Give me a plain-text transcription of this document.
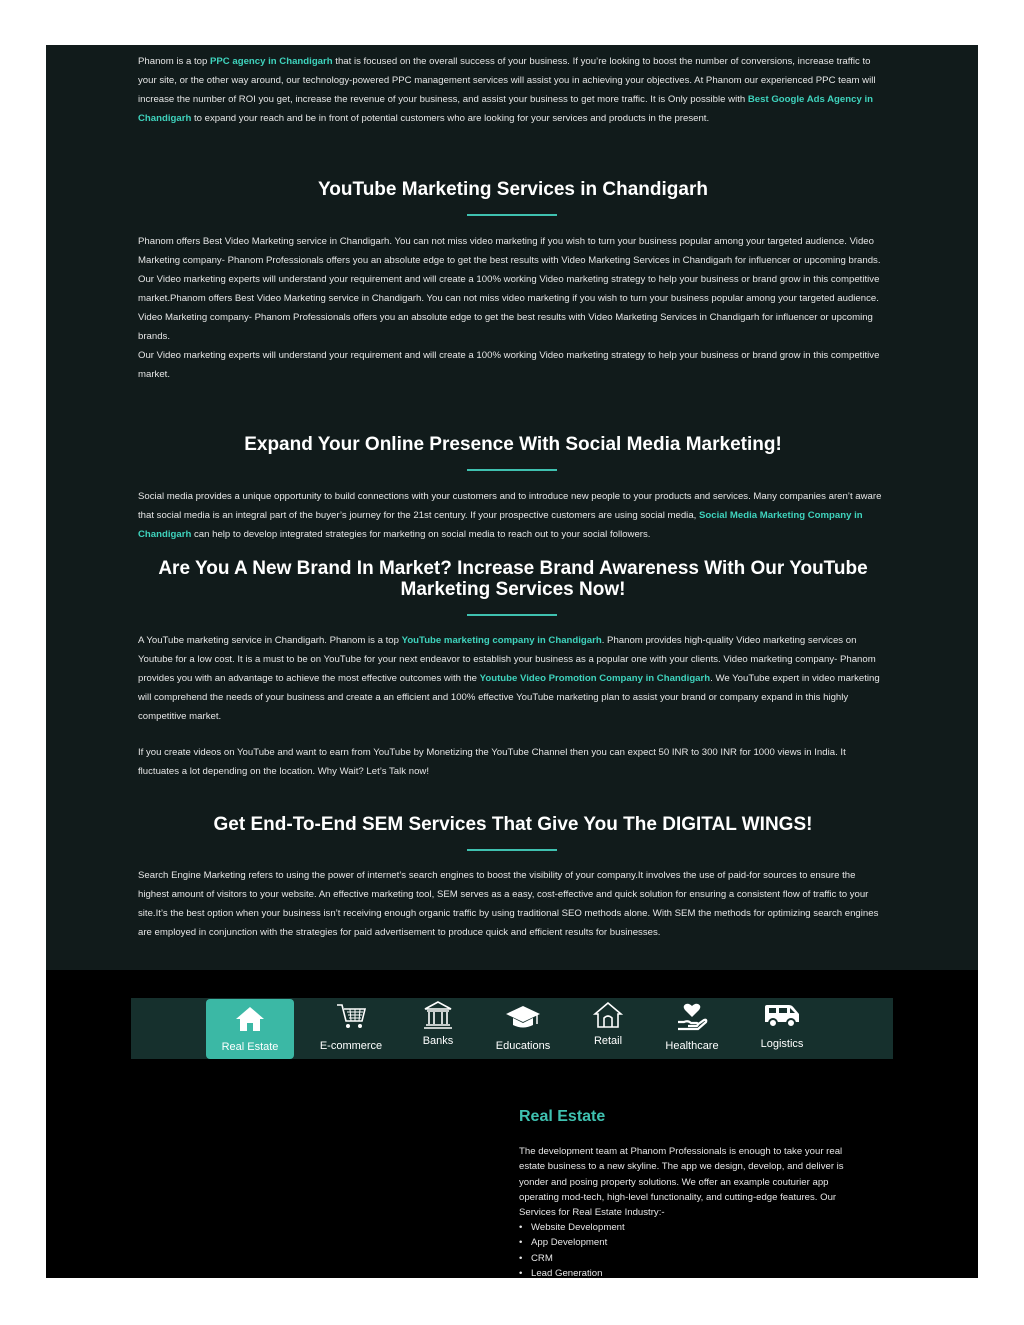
Phanom is a top PPC agency in Chandigarh that is focused on the overall success of your business. If you’re looking to boost the number of conversions, increase traffic to your site, or the other way around, our technology-powered PPC management services will assist you in achieving your objectives. At Phanom our experienced PPC team will increase the number of ROI you get, increase the revenue of your business, and assist your business to get more traffic. It is Only possible with Best Google Ads Agency in Chandigarh to expand your reach and be in front of potential customers who are looking for your services and products in the present.
YouTube Marketing Services in Chandigarh

Phanom offers Best Video Marketing service in Chandigarh. You can not miss video marketing if you wish to turn your business popular among your targeted audience. Video Marketing company- Phanom Professionals offers you an absolute edge to get the best results with Video Marketing Services in Chandigarh for influencer or upcoming brands.

Our Video marketing experts will understand your requirement and will create a 100% working Video marketing strategy to help your business or brand grow in this competitive market.Phanom offers Best Video Marketing service in Chandigarh. You can not miss video marketing if you wish to turn your business popular among your targeted audience. Video Marketing company- Phanom Professionals offers you an absolute edge to get the best results with Video Marketing Services in Chandigarh for influencer or upcoming brands.

Our Video marketing experts will understand your requirement and will create a 100% working Video marketing strategy to help your business or brand grow in this competitive market.

Expand Your Online Presence With Social Media Marketing!
Social media provides a unique opportunity to build connections with your customers and to introduce new people to your products and services. Many companies aren’t aware that social media is an integral part of the buyer’s journey for the 21st century. If your prospective customers are using social media, Social Media Marketing Company in Chandigarh can help to develop integrated strategies for marketing on social media to reach out to your social followers.
Are You A New Brand In Market? Increase Brand Awareness With Our YouTube Marketing Services Now!
A YouTube marketing service in Chandigarh. Phanom is a top YouTube marketing company in Chandigarh. Phanom provides high-quality Video marketing services on Youtube for a low cost. It is a must to be on YouTube for your next endeavor to establish your business as a popular one with your clients. Video marketing company- Phanom provides you with an advantage to achieve the most effective outcomes with the Youtube Video Promotion Company in Chandigarh. We YouTube expert in video marketing will comprehend the needs of your business and create a an efficient and 100% effective YouTube marketing plan to assist your brand or company expand in this highly competitive market.
If you create videos on YouTube and want to earn from YouTube by Monetizing the YouTube Channel then you can expect 50 INR to 300 INR for 1000 views in India. It fluctuates a lot depending on the location. Why Wait? Let’s Talk now!
Get End-To-End SEM Services That Give You The DIGITAL WINGS!
Search Engine Marketing refers to using the power of internet’s search engines to boost the visibility of your company.It involves the use of paid-for sources to ensure the highest amount of visitors to your website. An effective marketing tool, SEM serves as a easy, cost-effective and quick solution for ensuring a consistent flow of traffic to your site.It’s the best option when your business isn’t receiving enough organic traffic by using traditional SEO methods alone. With SEM the methods for optimizing search engines are employed in conjunction with the strategies for paid advertisement to produce quick and efficient results for businesses.
Real Estate	E-commerce	Banks	Educations	Retail	Healthcare	Logistics
Real Estate
The development team at Phanom Professionals is enough to take your real estate business to a new skyline. The app we design, develop, and deliver is yonder and posing property solutions. We offer an example couturier app operating mod-tech, high-level functionality, and cutting-edge features. Our Services for Real Estate Industry:-
• Website Development
• App Development
• CRM
• Lead Generation
